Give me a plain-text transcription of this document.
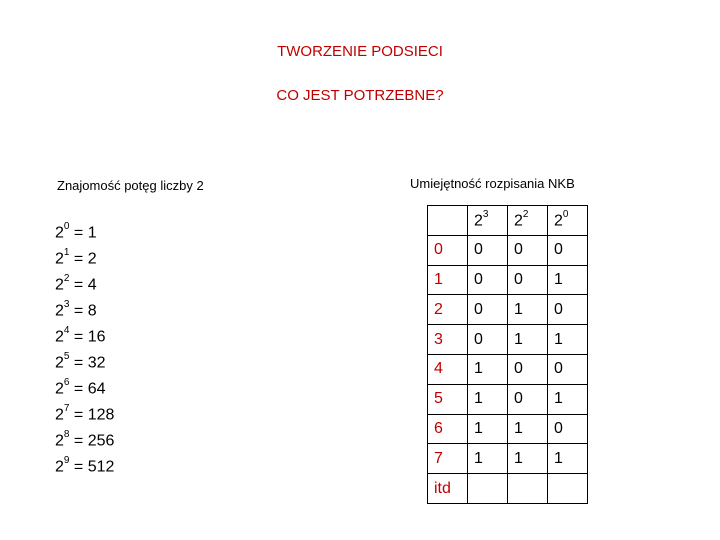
TWORZENIE PODSIECI
CO JEST POTRZEBNE?
Znajomość potęg liczby 2
$2^0 = 1$
$2^1 = 2$
$2^2 = 4$
$2^3 = 8$
$2^4 = 16$
$2^5 = 32$
$2^6 = 64$
$2^7 = 128$
$2^8 = 256$
$2^9 = 512$
Umiejętność rozpisania NKB
	$2^3$	$2^2$	$2^0$
0	0	0	0
1	0	0	1
2	0	1	0
3	0	1	1
4	1	0	0
5	1	0	1
6	1	1	0
7	1	1	1
itd			
